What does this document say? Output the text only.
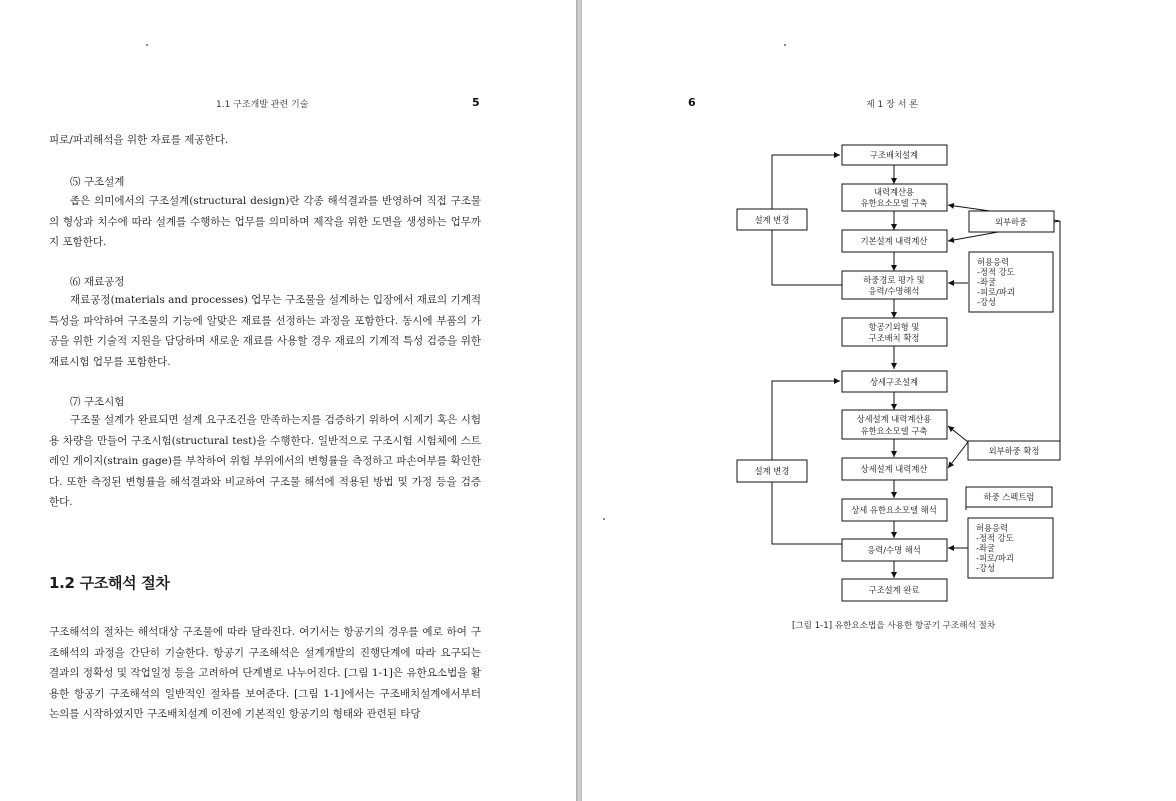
1.1 구조개발 관련 기술	5

피로/파괴해석을 위한 자료를 제공한다.

⑸ 구조설계

좁은 의미에서의 구조설계(structural design)란 각종 해석결과를 반영하여 직접 구조물의 형상과 치수에 따라 설계를 수행하는 업무를 의미하며 제작을 위한 도면을 생성하는 업무까지 포함한다.

⑹ 재료공정

재료공정(materials and processes) 업무는 구조물을 설계하는 입장에서 재료의 기계적 특성을 파악하여 구조물의 기능에 알맞은 재료를 선정하는 과정을 포함한다. 동시에 부품의 가공을 위한 기술적 지원을 담당하며 새로운 재료를 사용할 경우 재료의 기계적 특성 검증을 위한 재료시험 업무를 포함한다.

⑺ 구조시험

구조물 설계가 완료되면 설계 요구조건을 만족하는지를 검증하기 위하여 시제기 혹은 시험용 차량을 만들어 구조시험(structural test)을 수행한다. 일반적으로 구조시험 시험체에 스트레인 게이지(strain gage)를 부착하여 위험 부위에서의 변형률을 측정하고 파손여부를 확인한다. 또한 측정된 변형률을 해석결과와 비교하여 구조물 해석에 적용된 방법 및 가정 등을 검증한다.

1.2 구조해석 절차

구조해석의 절차는 해석대상 구조물에 따라 달라진다. 여기서는 항공기의 경우를 예로 하여 구조해석의 과정을 간단히 기술한다. 항공기 구조해석은 설계개발의 진행단계에 따라 요구되는 결과의 정확성 및 작업일정 등을 고려하여 단계별로 나누어진다. [그림 1-1]은 유한요소법을 활용한 항공기 구조해석의 일반적인 절차를 보여준다. [그림 1-1]에서는 구조배치설계에서부터 논의를 시작하였지만 구조배치설계 이전에 기본적인 항공기의 형태와 관련된 타당

6	제 1 장 서 론
구조배치설계
내력계산용
유한요소모델 구축
기본설계 내력계산
하중경로 평가 및
응력/수명해석
항공기외형 및
구조배치 확정
상세구조설계
상세설계 내력계산용
유한요소모델 구축
상세설계 내력계산
상세 유한요소모델 해석
응력/수명 해석
구조설계 완료
설계 변경
설계 변경
외부하중
외부하중 확정
하중 스펙트럼
허용응력
-정적 강도
-좌굴
-피로/파괴
-강성
허용응력
-정적 강도
-좌굴
-피로/파괴
-강성

[그림 1-1] 유한요소법을 사용한 항공기 구조해석 절차
